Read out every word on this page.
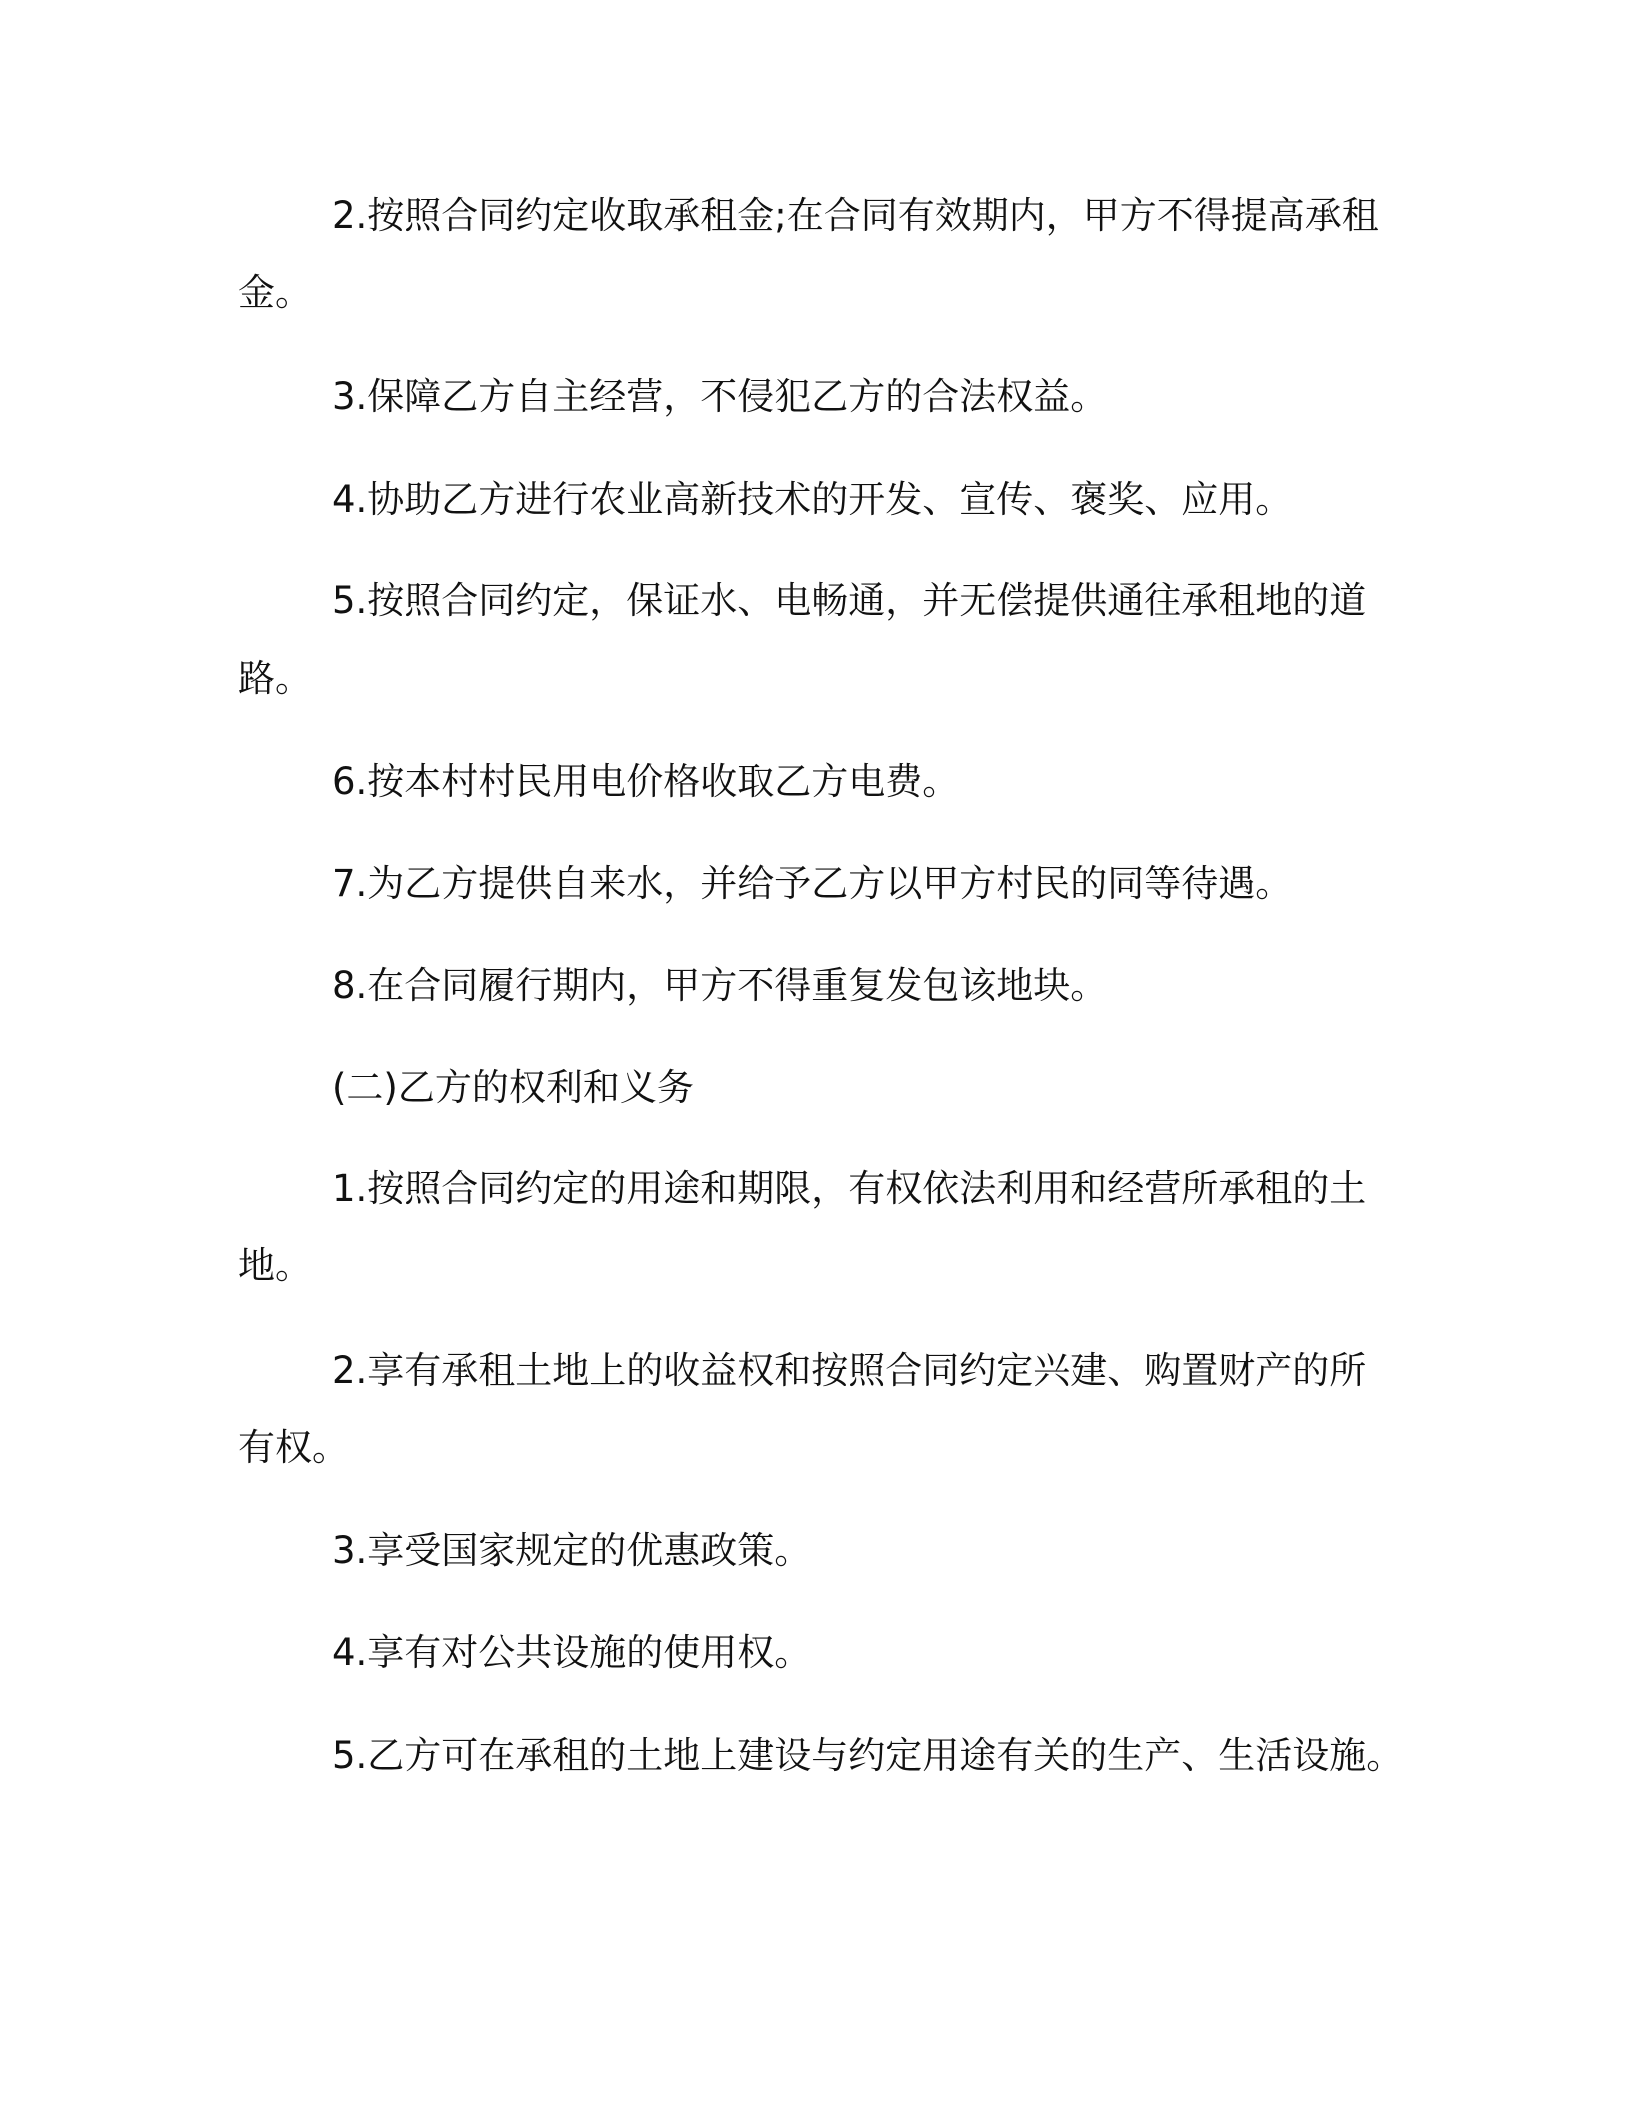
2.按照合同约定收取承租金;在合同有效期内，甲方不得提高承租
金。
3.保障乙方自主经营，不侵犯乙方的合法权益。
4.协助乙方进行农业高新技术的开发、宣传、褒奖、应用。
5.按照合同约定，保证水、电畅通，并无偿提供通往承租地的道
路。
6.按本村村民用电价格收取乙方电费。
7.为乙方提供自来水，并给予乙方以甲方村民的同等待遇。
8.在合同履行期内，甲方不得重复发包该地块。
(二)乙方的权利和义务
1.按照合同约定的用途和期限，有权依法利用和经营所承租的土
地。
2.享有承租土地上的收益权和按照合同约定兴建、购置财产的所
有权。
3.享受国家规定的优惠政策。
4.享有对公共设施的使用权。
5.乙方可在承租的土地上建设与约定用途有关的生产、生活设施。
